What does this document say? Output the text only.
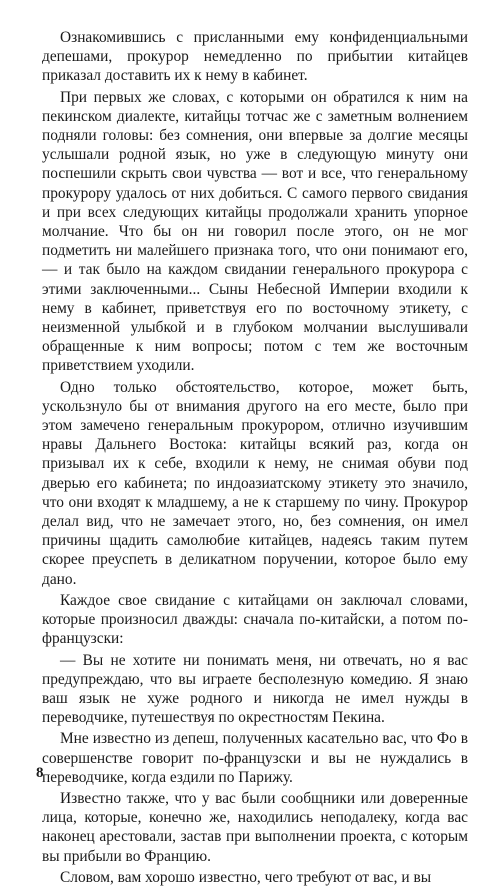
Ознакомившись с присланными ему конфиденциальными депешами, прокурор немедленно по прибытии китайцев приказал доставить их к нему в кабинет.

При первых же словах, с которыми он обратился к ним на пекинском диалекте, китайцы тотчас же с заметным волнением подняли головы: без сомнения, они впервые за долгие месяцы услышали родной язык, но уже в следующую минуту они поспешили скрыть свои чувства — вот и все, что генеральному прокурору удалось от них добиться. С самого первого свидания и при всех следующих китайцы продолжали хранить упорное молчание. Что бы он ни говорил после этого, он не мог подметить ни малейшего признака того, что они понимают его,— и так было на каждом свидании генерального прокурора с этими заключенными... Сыны Небесной Империи входили к нему в кабинет, приветствуя его по восточному этикету, с неизменной улыбкой и в глубоком молчании выслушивали обращенные к ним вопросы; потом с тем же восточным приветствием уходили.

Одно только обстоятельство, которое, может быть, ускользнуло бы от внимания другого на его месте, было при этом замечено генеральным прокурором, отлично изучившим нравы Дальнего Востока: китайцы всякий раз, когда он призывал их к себе, входили к нему, не снимая обуви под дверью его кабинета; по индоазиатскому этикету это значило, что они входят к младшему, а не к старшему по чину. Прокурор делал вид, что не замечает этого, но, без сомнения, он имел причины щадить самолюбие китайцев, надеясь таким путем скорее преуспеть в деликатном поручении, которое было ему дано.

Каждое свое свидание с китайцами он заключал словами, которые произносил дважды: сначала по-китайски, а потом по-французски:

— Вы не хотите ни понимать меня, ни отвечать, но я вас предупреждаю, что вы играете бесполезную комедию. Я знаю ваш язык не хуже родного и никогда не имел нужды в переводчике, путешествуя по окрестностям Пекина.

Мне известно из депеш, полученных касательно вас, что Фо в совершенстве говорит по-французски и вы не нуждались в переводчике, когда ездили по Парижу.

Известно также, что у вас были сообщники или доверенные лица, которые, конечно же, находились неподалеку, когда вас наконец арестовали, застав при выполнении проекта, с которым вы прибыли во Францию.

Словом, вам хорошо известно, чего требуют от вас, и вы

8
